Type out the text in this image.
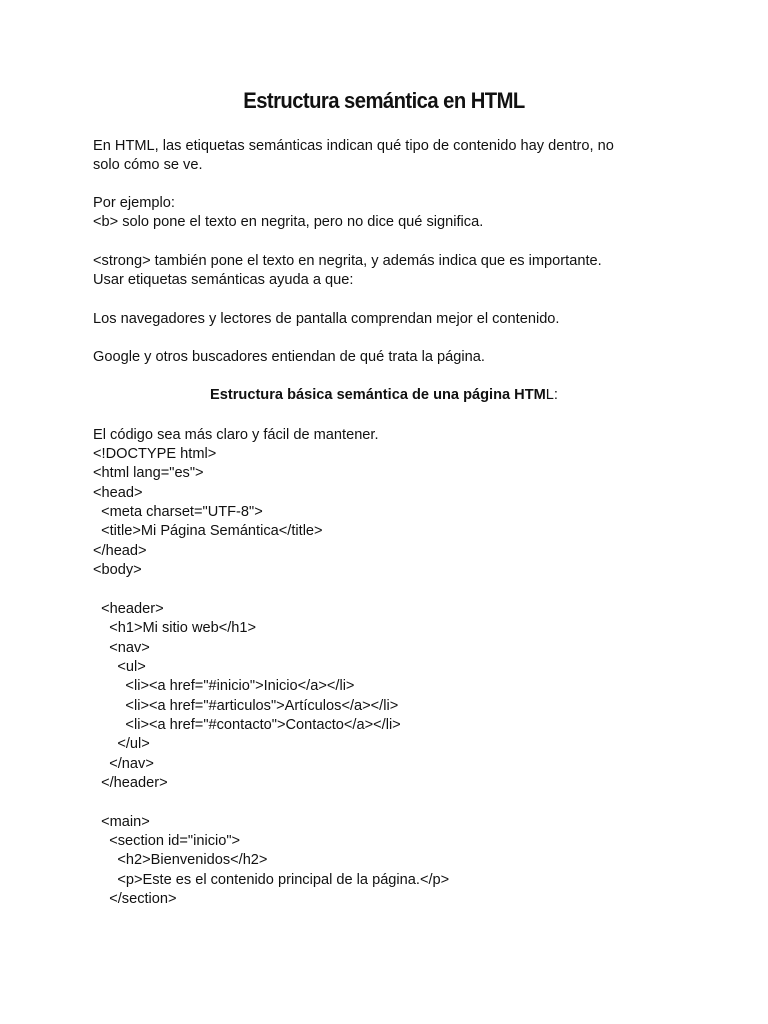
Estructura semántica en HTML
En HTML, las etiquetas semánticas indican qué tipo de contenido hay dentro, no
solo cómo se ve.
Por ejemplo:
<b> solo pone el texto en negrita, pero no dice qué significa.
<strong> también pone el texto en negrita, y además indica que es importante.
Usar etiquetas semánticas ayuda a que:
Los navegadores y lectores de pantalla comprendan mejor el contenido.
Google y otros buscadores entiendan de qué trata la página.
Estructura básica semántica de una página HTML:
El código sea más claro y fácil de mantener.
<!DOCTYPE html>
<html lang="es">
<head>
<meta charset="UTF-8">
<title>Mi Página Semántica</title>
</head>
<body>
<header>
<h1>Mi sitio web</h1>
<nav>
<ul>
<li><a href="#inicio">Inicio</a></li>
<li><a href="#articulos">Artículos</a></li>
<li><a href="#contacto">Contacto</a></li>
</ul>
</nav>
</header>
<main>
<section id="inicio">
<h2>Bienvenidos</h2>
<p>Este es el contenido principal de la página.</p>
</section>
